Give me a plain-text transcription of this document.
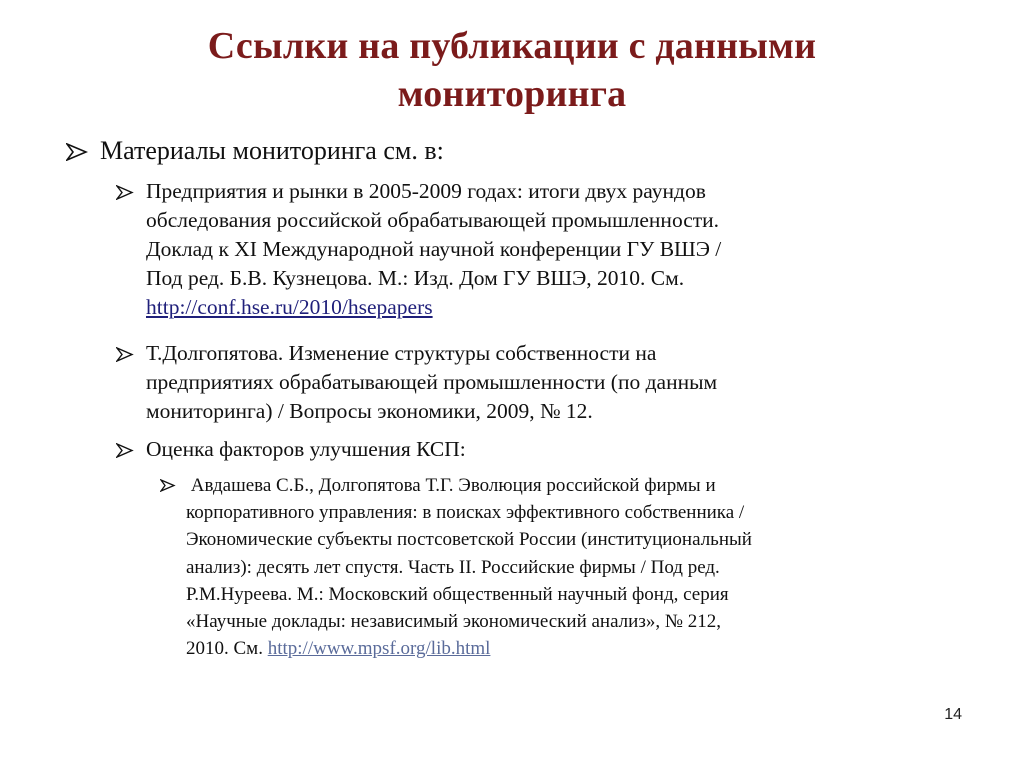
Ссылки на публикации с данными
мониторинга
Материалы мониторинга см. в:
Предприятия и рынки в 2005-2009 годах: итоги двух раундов
обследования российской обрабатывающей промышленности.
Доклад к XI Международной научной конференции ГУ ВШЭ /
Под ред. Б.В. Кузнецова. М.: Изд. Дом ГУ ВШЭ, 2010. См.
http://conf.hse.ru/2010/hsepapers
Т.Долгопятова. Изменение структуры собственности на
предприятиях обрабатывающей промышленности (по данным
мониторинга) / Вопросы экономики, 2009, № 12.
Оценка факторов улучшения КСП:
Авдашева С.Б., Долгопятова Т.Г. Эволюция российской фирмы и
корпоративного управления: в поисках эффективного собственника /
Экономические субъекты постсоветской России (институциональный
анализ): десять лет спустя. Часть II. Российские фирмы / Под ред.
Р.М.Нуреева. М.: Московский общественный научный фонд, серия
«Научные доклады: независимый экономический анализ», № 212,
2010. См. http://www.mpsf.org/lib.html
14
